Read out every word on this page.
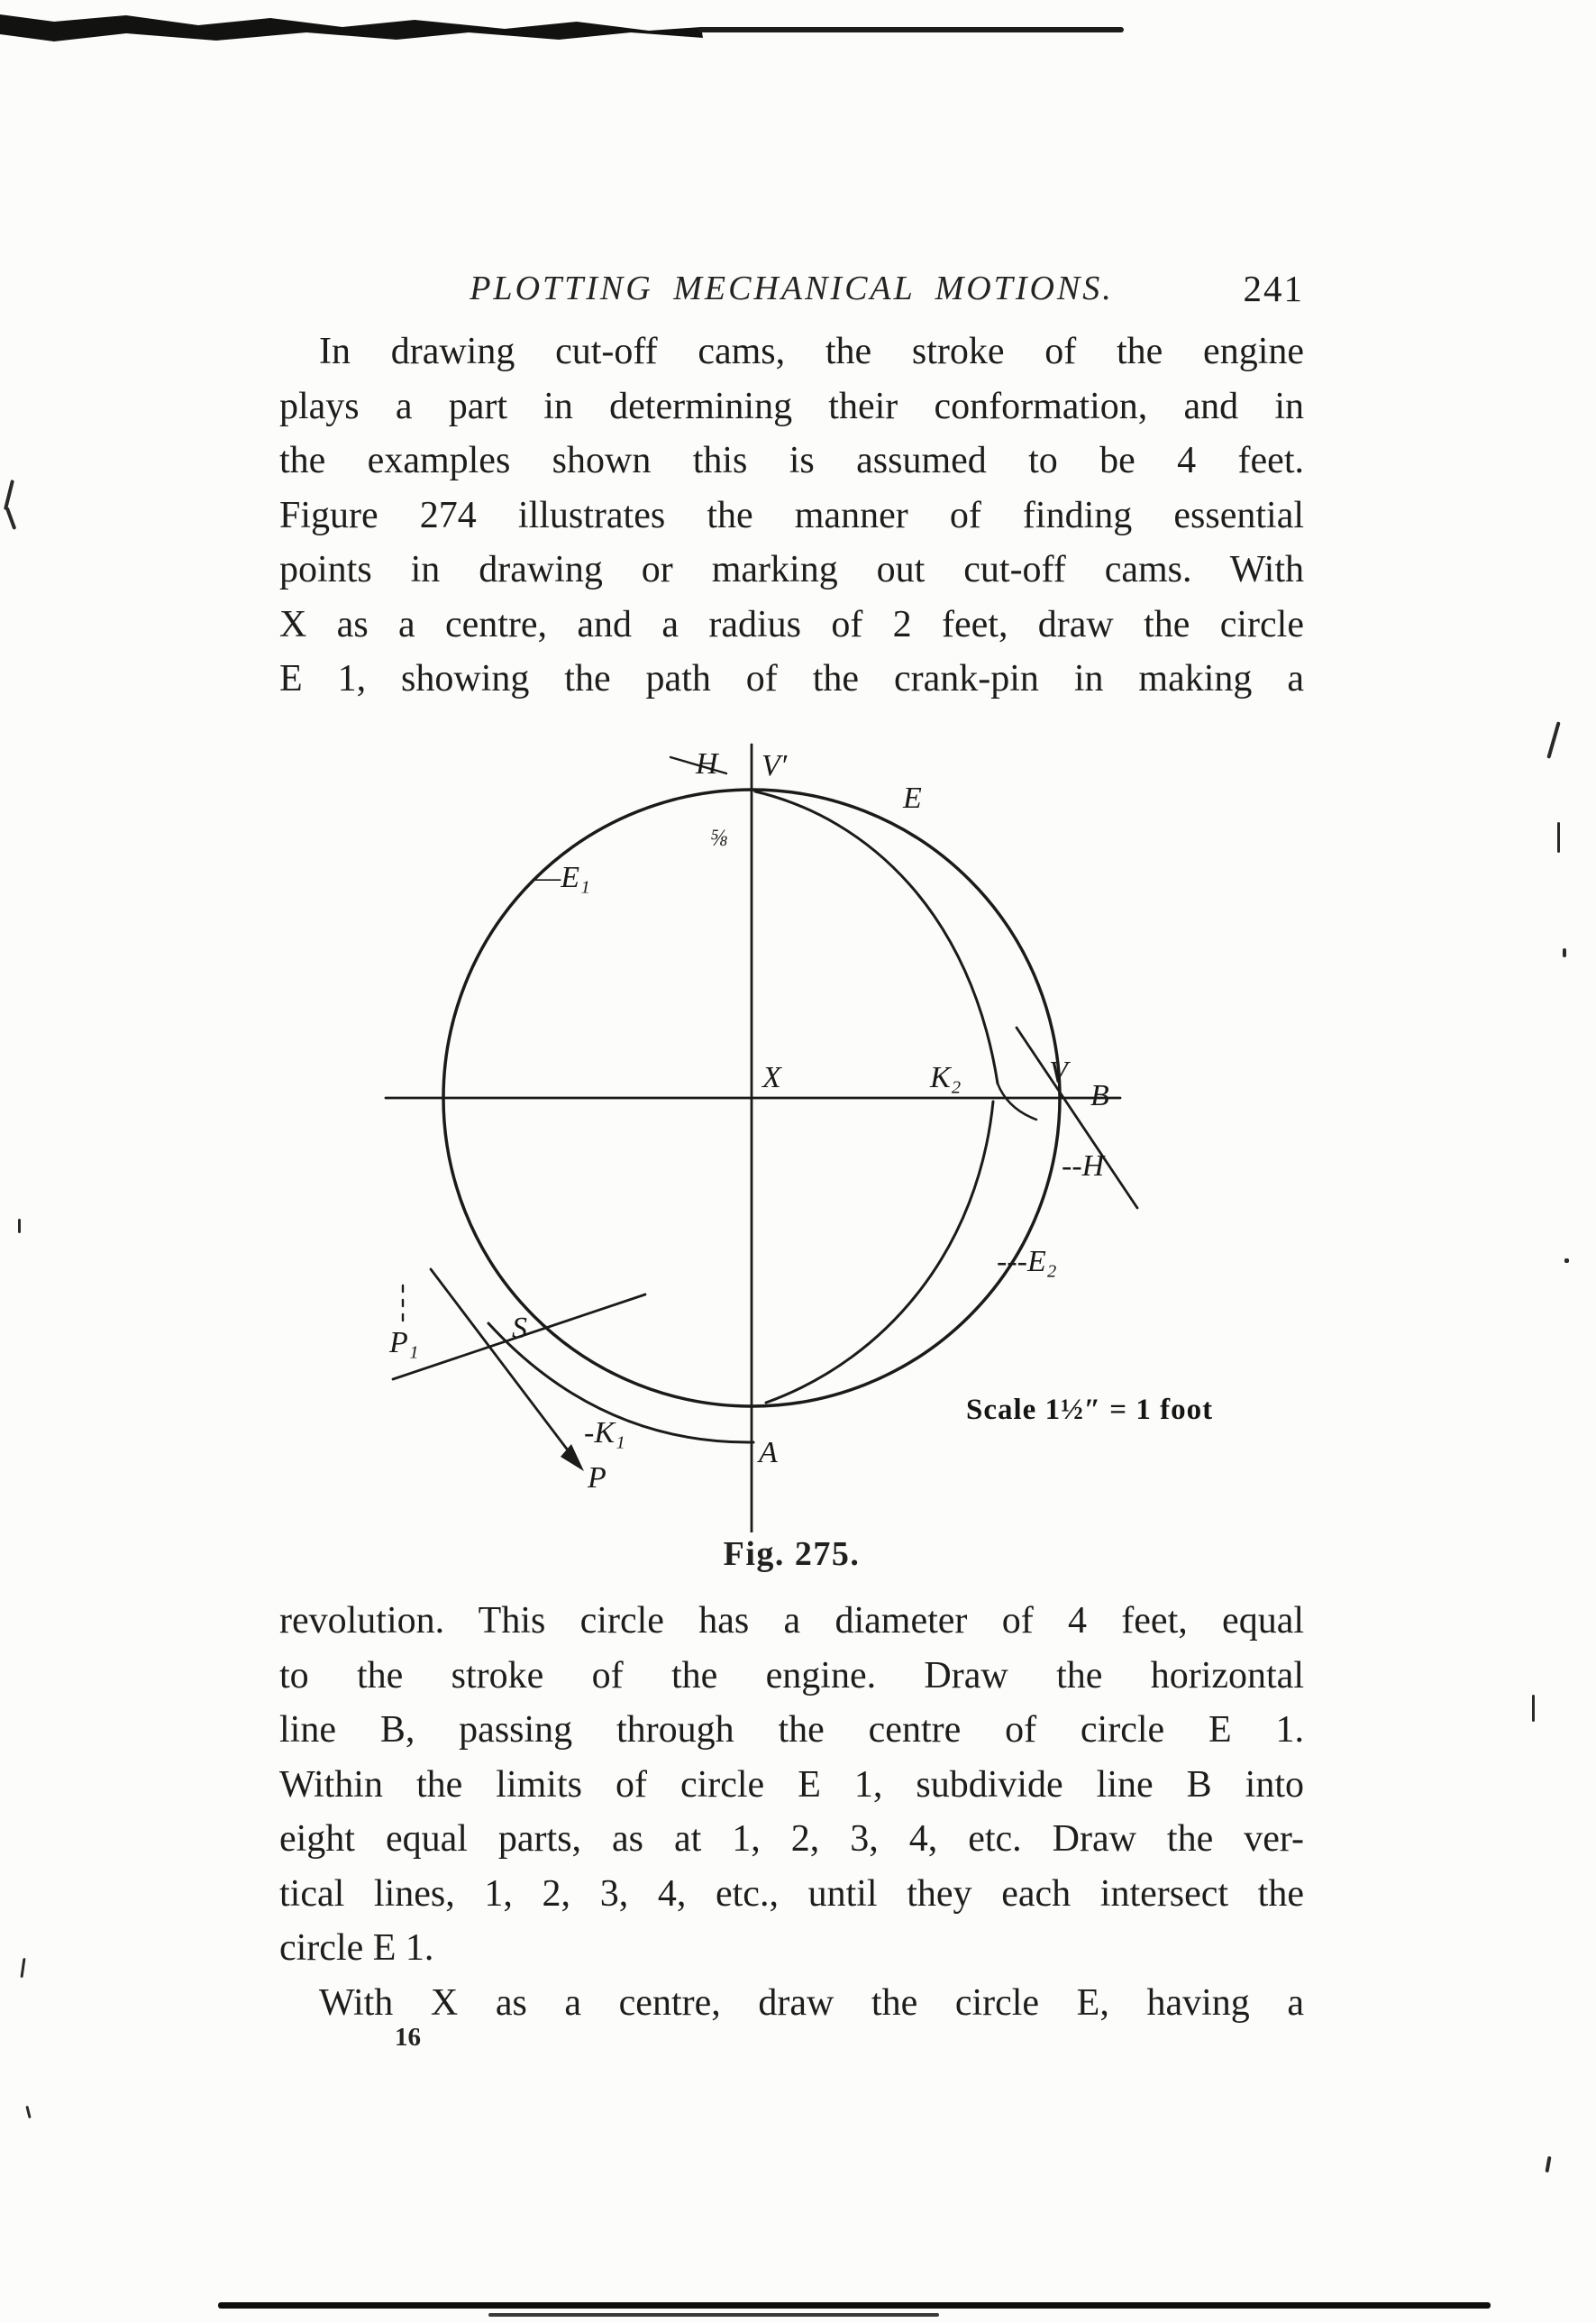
PLOTTING MECHANICAL MOTIONS.	241
In drawing cut-off cams, the stroke of the engine
plays a part in determining their conformation, and in
the examples shown this is assumed to be 4 feet.
Figure 274 illustrates the manner of finding essential
points in drawing or marking out cut-off cams. With
X as a centre, and a radius of 2 feet, draw the circle
E 1, showing the path of the crank-pin in making a
H V′
E
—E₁
⅝
X	K₂	V
B
--H
---E₂
P₁	S
-K₁
P
A
Scale 1½″ = 1 foot
Fig. 275.
revolution. This circle has a diameter of 4 feet, equal
to the stroke of the engine. Draw the horizontal
line B, passing through the centre of circle E 1.
Within the limits of circle E 1, subdivide line B into
eight equal parts, as at 1, 2, 3, 4, etc. Draw the ver-
tical lines, 1, 2, 3, 4, etc., until they each intersect the
circle E 1.
With X as a centre, draw the circle E, having a
16
